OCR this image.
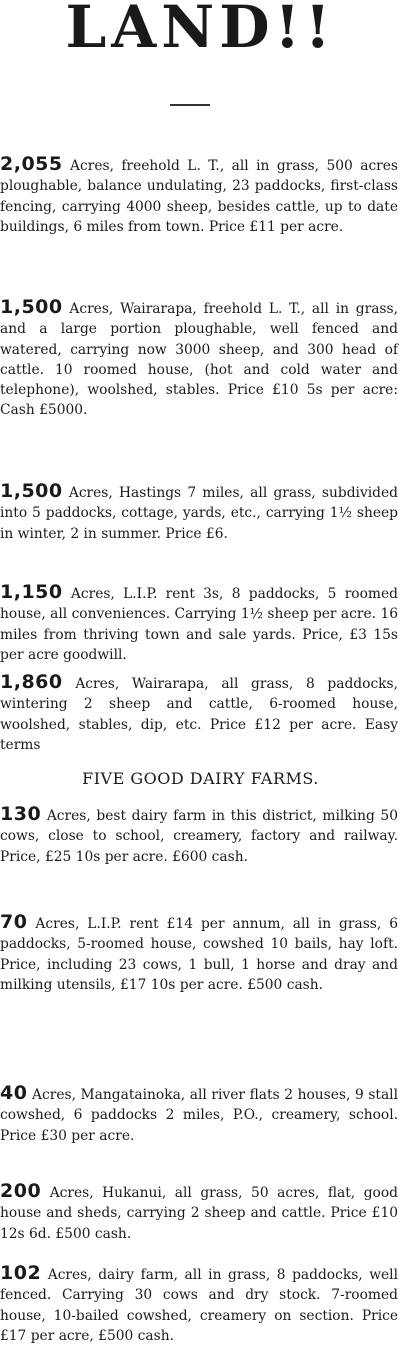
LAND!!

2,055 Acres, freehold L. T., all in grass, 500 acres ploughable, balance undulating, 23 paddocks, first-class fencing, carrying 4000 sheep, besides cattle, up to date buildings, 6 miles from town. Price £11 per acre.

1,500 Acres, Wairarapa, freehold L. T., all in grass, and a large portion ploughable, well fenced and watered, carrying now 3000 sheep, and 300 head of cattle. 10 roomed house, (hot and cold water and telephone), woolshed, stables. Price £10 5s per acre: Cash £5000.

1,500 Acres, Hastings 7 miles, all grass, subdivided into 5 paddocks, cottage, yards, etc., carrying 1½ sheep in winter, 2 in summer. Price £6.

1,150 Acres, L.I.P. rent 3s, 8 paddocks, 5 roomed house, all conveniences. Carrying 1½ sheep per acre. 16 miles from thriving town and sale yards. Price, £3 15s per acre goodwill.

1,860 Acres, Wairarapa, all grass, 8 paddocks, wintering 2 sheep and cattle, 6-roomed house, woolshed, stables, dip, etc. Price £12 per acre. Easy terms

FIVE GOOD DAIRY FARMS.

130 Acres, best dairy farm in this district, milking 50 cows, close to school, creamery, factory and railway. Price, £25 10s per acre. £600 cash.

70 Acres, L.I.P. rent £14 per annum, all in grass, 6 paddocks, 5-roomed house, cowshed 10 bails, hay loft. Price, including 23 cows, 1 bull, 1 horse and dray and milking utensils, £17 10s per acre. £500 cash.

40 Acres, Mangatainoka, all river flats 2 houses, 9 stall cowshed, 6 paddocks 2 miles, P.O., creamery, school. Price £30 per acre.

200 Acres, Hukanui, all grass, 50 acres, flat, good house and sheds, carrying 2 sheep and cattle. Price £10 12s 6d. £500 cash.

102 Acres, dairy farm, all in grass, 8 paddocks, well fenced. Carrying 30 cows and dry stock. 7-roomed house, 10-bailed cowshed, creamery on section. Price £17 per acre, £500 cash.
